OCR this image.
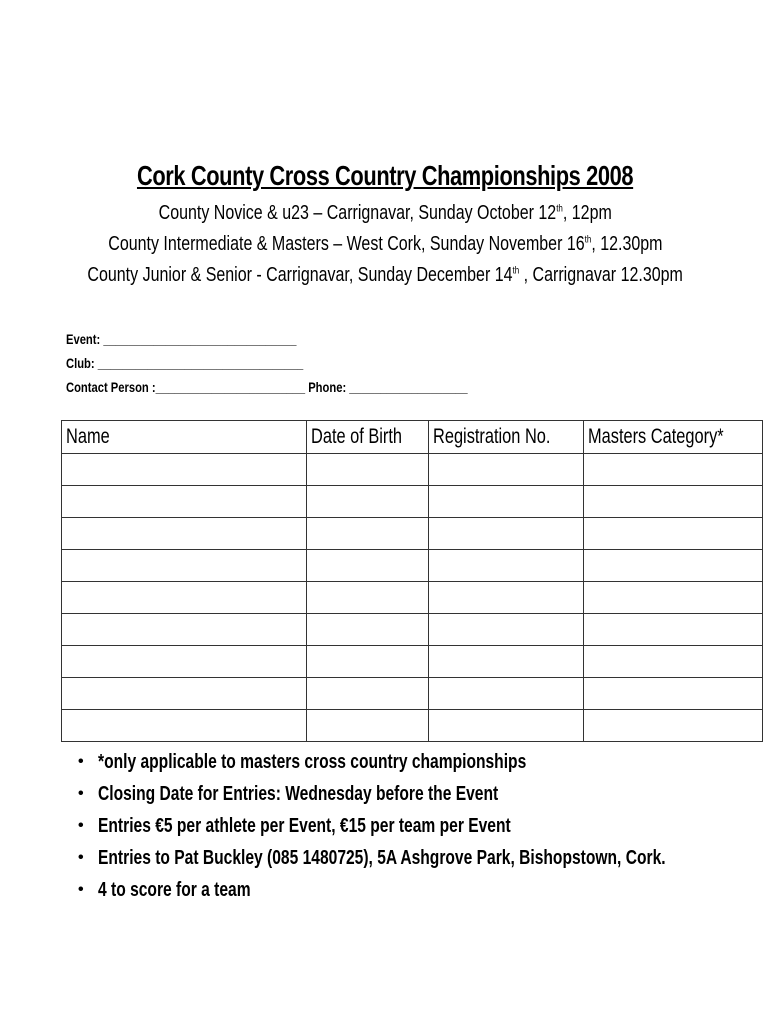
Cork County Cross Country Championships 2008
County Novice & u23 – Carrignavar, Sunday October 12th, 12pm
County Intermediate & Masters – West Cork, Sunday November 16th, 12.30pm
County Junior & Senior - Carrignavar, Sunday December 14th , Carrignavar 12.30pm
Event: _______________________________
Club: _________________________________
Contact Person :________________________ Phone: ___________________
Name	Date of Birth	Registration No.	Masters Category*

• *only applicable to masters cross country championships
• Closing Date for Entries: Wednesday before the Event
• Entries €5 per athlete per Event, €15 per team per Event
• Entries to Pat Buckley (085 1480725), 5A Ashgrove Park, Bishopstown, Cork.
• 4 to score for a team
